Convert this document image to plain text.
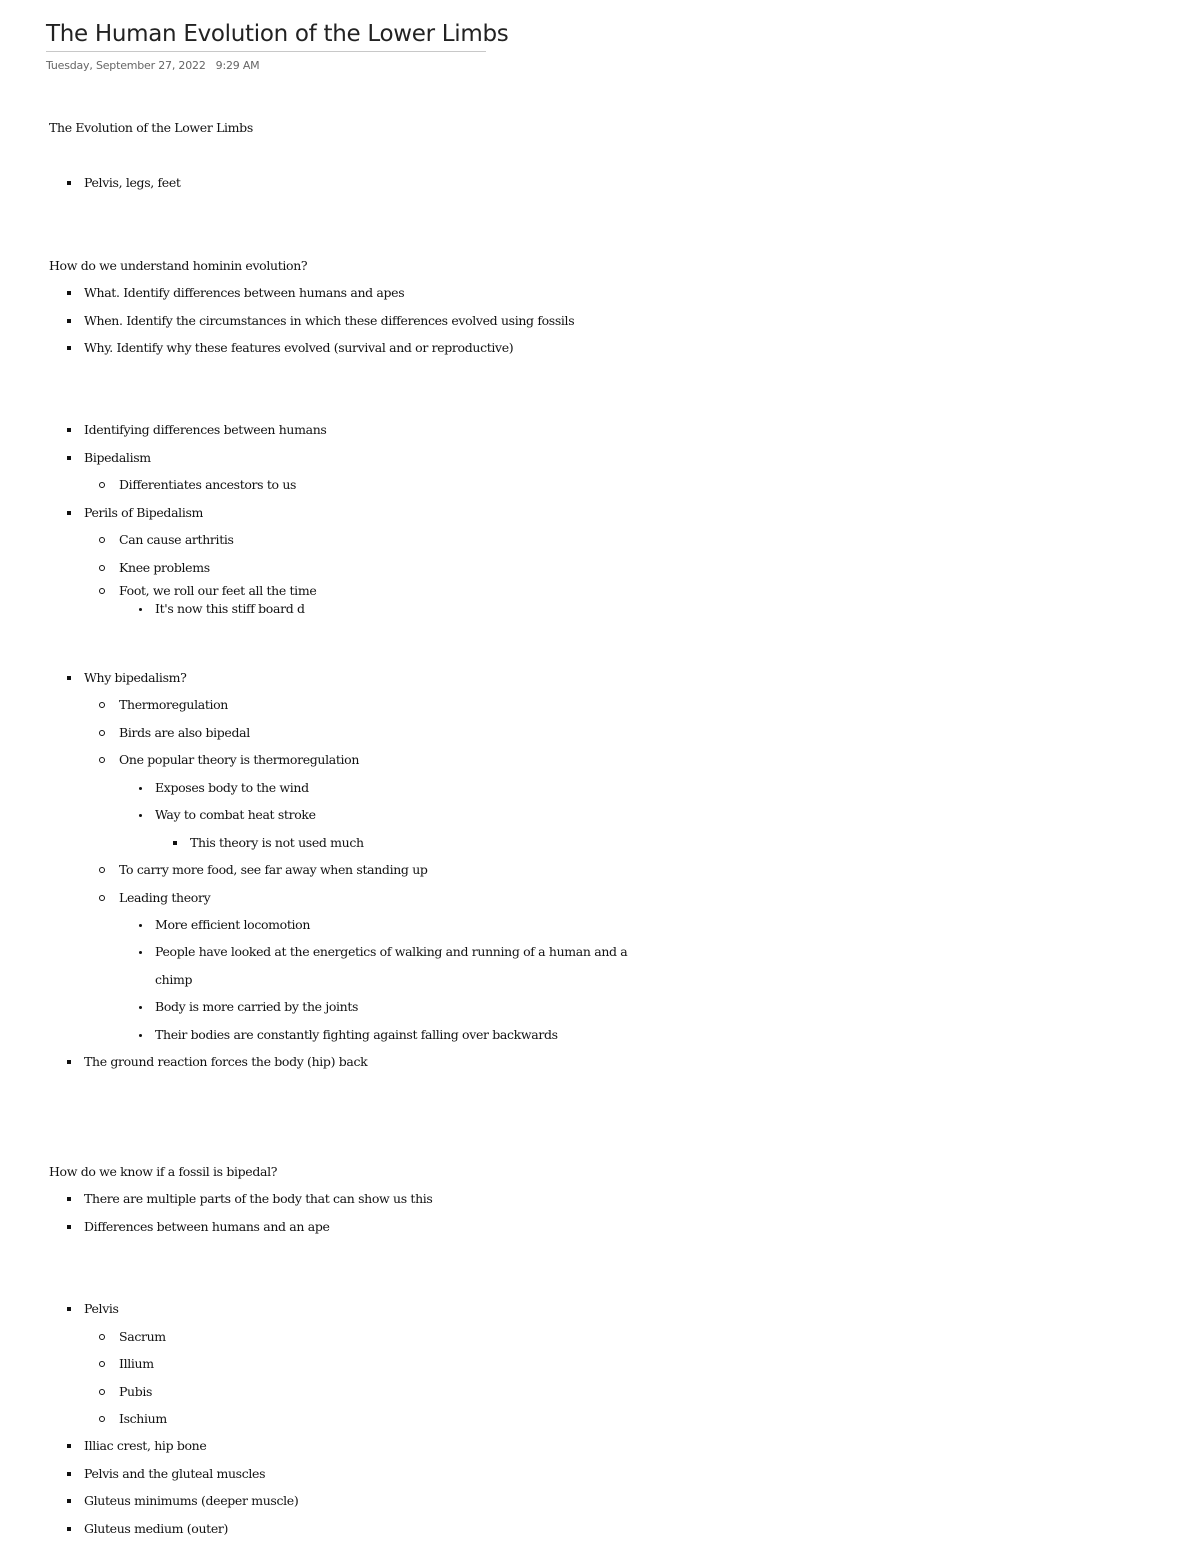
The Human Evolution of the Lower Limbs
Tuesday, September 27, 2022 9:29 AM
The Evolution of the Lower Limbs
Pelvis, legs, feet
How do we understand hominin evolution?
What. Identify differences between humans and apes
When. Identify the circumstances in which these differences evolved using fossils
Why. Identify why these features evolved (survival and or reproductive)
Identifying differences between humans
Bipedalism
Differentiates ancestors to us
Perils of Bipedalism
Can cause arthritis
Knee problems
Foot, we roll our feet all the time
It's now this stiff board d
Why bipedalism?
Thermoregulation
Birds are also bipedal
One popular theory is thermoregulation
Exposes body to the wind
Way to combat heat stroke
This theory is not used much
To carry more food, see far away when standing up
Leading theory
More efficient locomotion
People have looked at the energetics of walking and running of a human and a
chimp
Body is more carried by the joints
Their bodies are constantly fighting against falling over backwards
The ground reaction forces the body (hip) back
How do we know if a fossil is bipedal?
There are multiple parts of the body that can show us this
Differences between humans and an ape
Pelvis
Sacrum
Illium
Pubis
Ischium
Illiac crest, hip bone
Pelvis and the gluteal muscles
Gluteus minimums (deeper muscle)
Gluteus medium (outer)
